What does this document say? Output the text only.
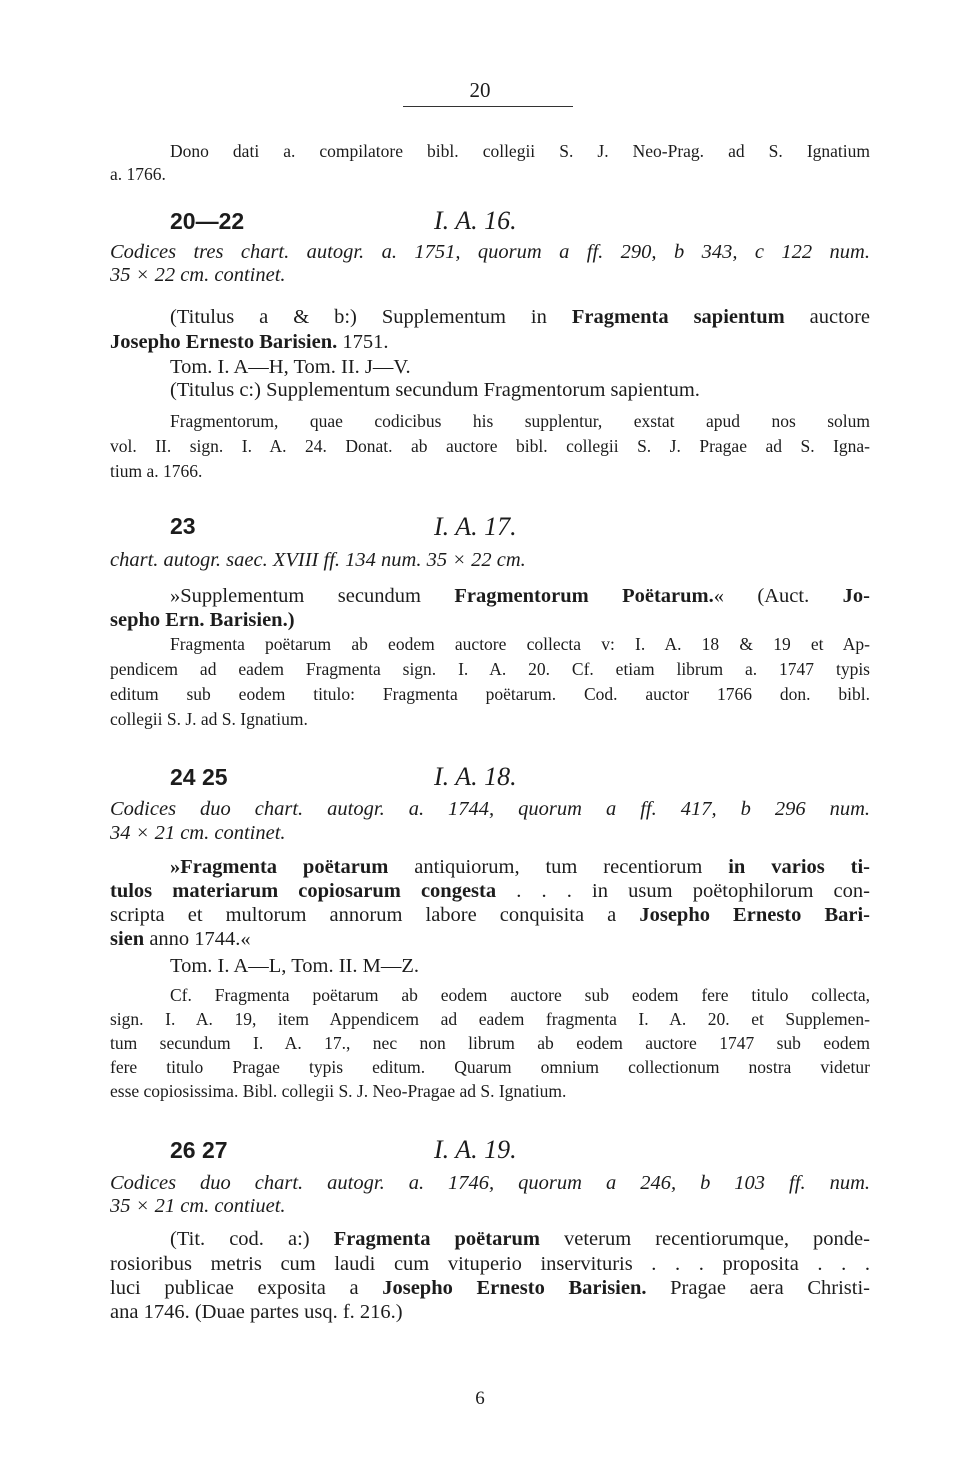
20
Dono dati a. compilatore bibl. collegii S. J. Neo-Prag. ad S. Ignatium
a. 1766.
20—22	I. A. 16.
Codices tres chart. autogr. a. 1751, quorum a ff. 290, b 343, c 122 num.
35 × 22 cm. continet.
(Titulus a & b:) Supplementum in Fragmenta sapientum auctore
Josepho Ernesto Barisien. 1751.
Tom. I. A—H, Tom. II. J—V.
(Titulus c:) Supplementum secundum Fragmentorum sapientum.
Fragmentorum, quae codicibus his supplentur, exstat apud nos solum
vol. II. sign. I. A. 24. Donat. ab auctore bibl. collegii S. J. Pragae ad S. Igna-
tium a. 1766.
23	I. A. 17.
chart. autogr. saec. XVIII ff. 134 num. 35 × 22 cm.
»Supplementum secundum Fragmentorum Poëtarum.« (Auct. Jo-
sepho Ern. Barisien.)
Fragmenta poëtarum ab eodem auctore collecta v: I. A. 18 & 19 et Ap-
pendicem ad eadem Fragmenta sign. I. A. 20. Cf. etiam librum a. 1747 typis
editum sub eodem titulo: Fragmenta poëtarum. Cod. auctor 1766 don. bibl.
collegii S. J. ad S. Ignatium.
24 25	I. A. 18.
Codices duo chart. autogr. a. 1744, quorum a ff. 417, b 296 num.
34 × 21 cm. continet.
»Fragmenta poëtarum antiquiorum, tum recentiorum in varios ti-
tulos materiarum copiosarum congesta . . . in usum poëtophilorum con-
scripta et multorum annorum labore conquisita a Josepho Ernesto Bari-
sien anno 1744.«
Tom. I. A—L, Tom. II. M—Z.
Cf. Fragmenta poëtarum ab eodem auctore sub eodem fere titulo collecta,
sign. I. A. 19, item Appendicem ad eadem fragmenta I. A. 20. et Supplemen-
tum secundum I. A. 17., nec non librum ab eodem auctore 1747 sub eodem
fere titulo Pragae typis editum. Quarum omnium collectionum nostra videtur
esse copiosissima. Bibl. collegii S. J. Neo-Pragae ad S. Ignatium.
26 27	I. A. 19.
Codices duo chart. autogr. a. 1746, quorum a 246, b 103 ff. num.
35 × 21 cm. contiuet.
(Tit. cod. a:) Fragmenta poëtarum veterum recentiorumque, ponde-
rosioribus metris cum laudi cum vituperio inservituris . . . proposita . . .
luci publicae exposita a Josepho Ernesto Barisien. Pragae aera Christi-
ana 1746. (Duae partes usq. f. 216.)
6
